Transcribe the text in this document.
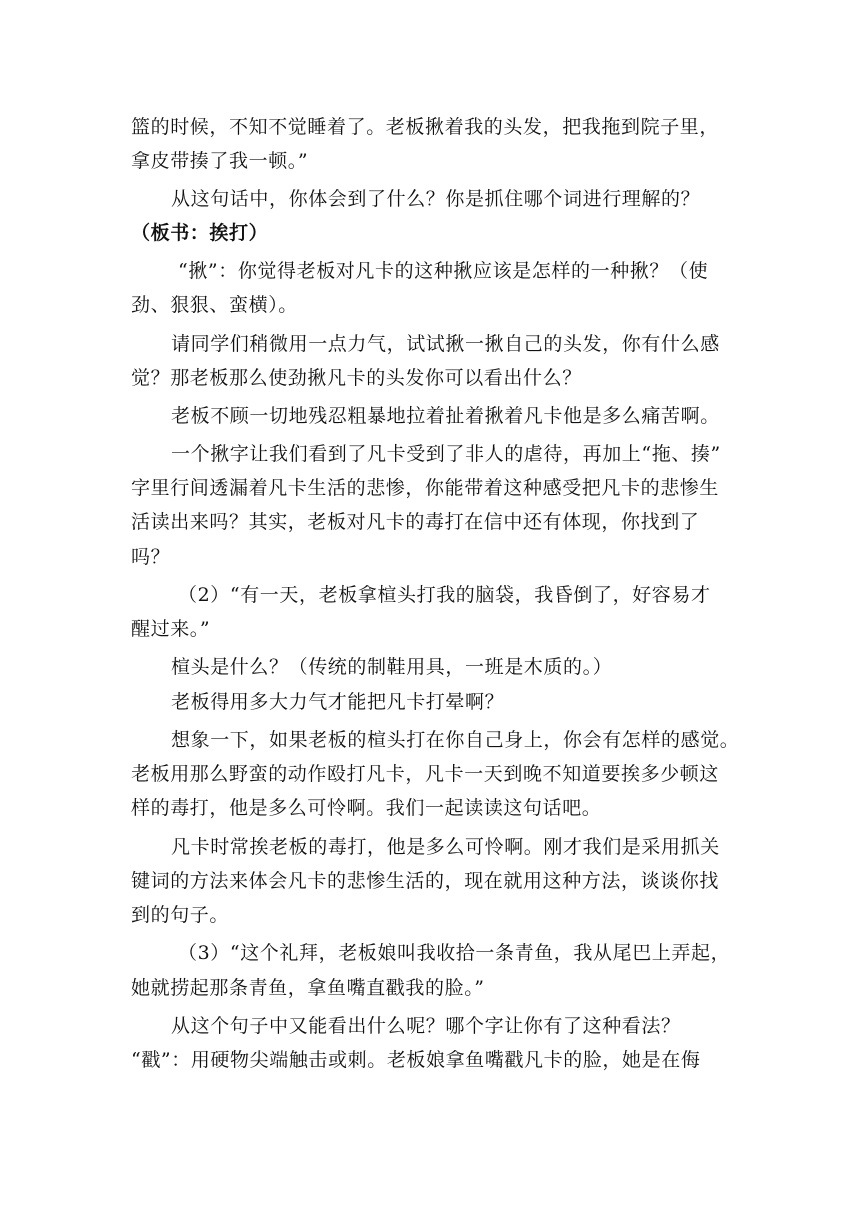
篮的时候，不知不觉睡着了。老板揪着我的头发，把我拖到院子里，
拿皮带揍了我一顿。”
从这句话中，你体会到了什么？你是抓住哪个词进行理解的？
（板书：挨打）
“揪”：你觉得老板对凡卡的这种揪应该是怎样的一种揪？（使
劲、狠狠、蛮横）。
请同学们稍微用一点力气，试试揪一揪自己的头发，你有什么感
觉？那老板那么使劲揪凡卡的头发你可以看出什么？
老板不顾一切地残忍粗暴地拉着扯着揪着凡卡他是多么痛苦啊。
一个揪字让我们看到了凡卡受到了非人的虐待，再加上“拖、揍”
字里行间透漏着凡卡生活的悲惨，你能带着这种感受把凡卡的悲惨生
活读出来吗？其实，老板对凡卡的毒打在信中还有体现，你找到了
吗？
（2）“有一天，老板拿楦头打我的脑袋，我昏倒了，好容易才
醒过来。”
楦头是什么？（传统的制鞋用具，一班是木质的。）
老板得用多大力气才能把凡卡打晕啊？
想象一下，如果老板的楦头打在你自己身上，你会有怎样的感觉。
老板用那么野蛮的动作殴打凡卡，凡卡一天到晚不知道要挨多少顿这
样的毒打，他是多么可怜啊。我们一起读读这句话吧。
凡卡时常挨老板的毒打，他是多么可怜啊。刚才我们是采用抓关
键词的方法来体会凡卡的悲惨生活的，现在就用这种方法，谈谈你找
到的句子。
（3）“这个礼拜，老板娘叫我收拾一条青鱼，我从尾巴上弄起，
她就捞起那条青鱼，拿鱼嘴直戳我的脸。”
从这个句子中又能看出什么呢？哪个字让你有了这种看法？
“戳”：用硬物尖端触击或刺。老板娘拿鱼嘴戳凡卡的脸，她是在侮
